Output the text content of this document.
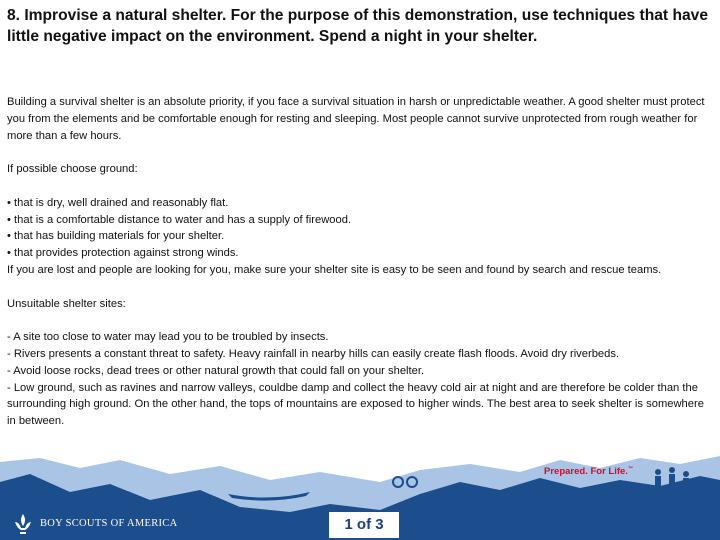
8. Improvise a natural shelter. For the purpose of this demonstration, use techniques that have little negative impact on the environment. Spend a night in your shelter.

Building a survival shelter is an absolute priority, if you face a survival situation in harsh or unpredictable weather. A good shelter must protect you from the elements and be comfortable enough for resting and sleeping. Most people cannot survive unprotected from rough weather for more than a few hours.

If possible choose ground:

• that is dry, well drained and reasonably flat.

• that is a comfortable distance to water and has a supply of firewood.

• that has building materials for your shelter.

• that provides protection against strong winds.

If you are lost and people are looking for you, make sure your shelter site is easy to be seen and found by search and rescue teams.

Unsuitable shelter sites:

- A site too close to water may lead you to be troubled by insects.

- Rivers presents a constant threat to safety. Heavy rainfall in nearby hills can easily create flash floods. Avoid dry riverbeds.

- Avoid loose rocks, dead trees or other natural growth that could fall on your shelter.

- Low ground, such as ravines and narrow valleys, couldbe damp and collect the heavy cold air at night and are therefore be colder than the surrounding high ground. On the other hand, the tops of mountains are exposed to higher winds. The best area to seek shelter is somewhere in between.

Prepared. For Life.™
BOY SCOUTS OF AMERICA	1 of 3
